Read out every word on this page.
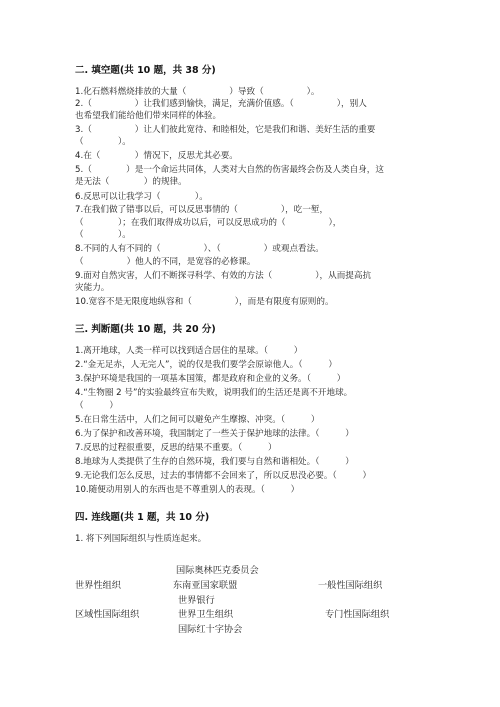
二. 填空题(共 10 题，共 38 分)
1.化石燃料燃烧排放的大量（　　　　　）导致（　　　　　）。
2.（　　　　　）让我们感到愉快，满足，充满价值感。（　　　　　），别人
也希望我们能给他们带来同样的体验。
3.（　　　　　）让人们彼此宽待、和睦相处，它是我们和谐、美好生活的重要
（　　　　）。
4.在（　　　　）情况下，反思尤其必要。
5.（　　　　）是一个命运共同体，人类对大自然的伤害最终会伤及人类自身，这
是无法（　　　　）的规律。
6.反思可以让我学习（　　　　）。
7.在我们做了错事以后，可以反思事情的（　　　　　），吃一堑，
（　　　　）；在我们取得成功以后，可以反思成功的（　　　　　），
（　　　　）。
8.不同的人有不同的（　　　　　）、（　　　　　）或观点看法。
（　　　　　）他人的不同，是宽容的必修课。
9.面对自然灾害，人们不断探寻科学、有效的方法（　　　　　），从而提高抗
灾能力。
10.宽容不是无限度地纵容和（　　　　　），而是有限度有原则的。
三. 判断题(共 10 题，共 20 分)
1.离开地球，人类一样可以找到适合居住的星球。（　　　）
2.“金无足赤，人无完人”，说的仅是我们要学会原谅他人。（　　　）
3.保护环境是我国的一项基本国策，都是政府和企业的义务。（　　　）
4.“生物圈 2 号”的实验最终宣布失败，说明我们的生活还是离不开地球。
（　　　）
5.在日常生活中，人们之间可以避免产生摩擦、冲突。（　　　）
6.为了保护和改善环境，我国制定了一些关于保护地球的法律。（　　　）
7.反思的过程很重要，反思的结果不重要。（　　　）
8.地球为人类提供了生存的自然环境，我们要与自然和谐相处。（　　　）
9.无论我们怎么反思，过去的事情都不会回来了，所以反思没必要。（　　　）
10.随便动用别人的东西也是不尊重别人的表现。（　　　）
四. 连线题(共 1 题，共 10 分)
1. 将下列国际组织与性质连起来。
国际奥林匹克委员会
世界性组织	东南亚国家联盟	一般性国际组织
世界银行
区域性国际组织	世界卫生组织	专门性国际组织
国际红十字协会
